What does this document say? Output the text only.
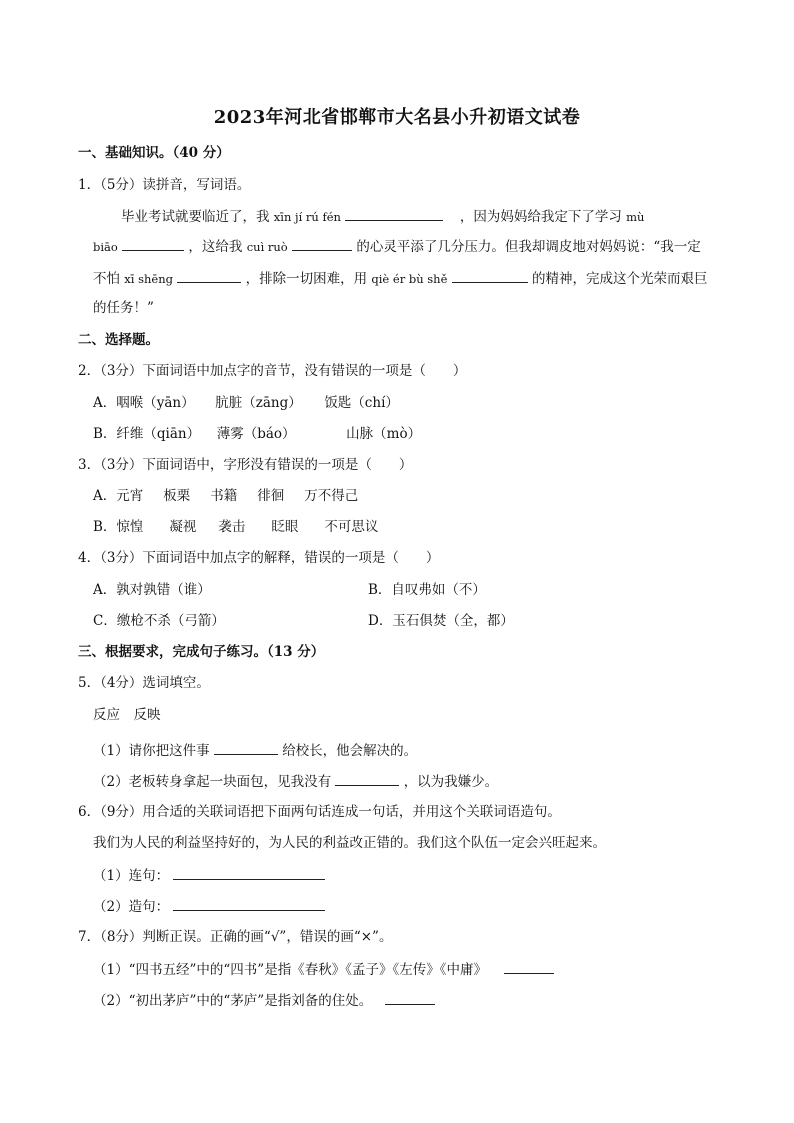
2023年河北省邯郸市大名县小升初语文试卷
一、基础知识。（40 分）
1．（5分）读拼音，写词语。
毕业考试就要临近了，我 xīn jí rú fén	，因为妈妈给我定下了学习 mù
biāo	，这给我 cuì ruò	的心灵平添了几分压力。但我却调皮地对妈妈说：“我一定
不怕 xī shēng	，排除一切困难，用 qiè ér bù shě	的精神，完成这个光荣而艰巨
的任务！”
二、选择题。
2．（3分）下面词语中加点字的音节，没有错误的一项是（　　）
A．咽喉（yān） 肮脏（zāng） 饭匙（chí）
B．纤维（qiān） 薄雾（báo）	山脉（mò）
3．（3分）下面词语中，字形没有错误的一项是（　　）
A．元宵 板栗 书籍 徘徊 万不得己
B．惊惶 凝视 袭击 眨眼 不可思议
4．（3分）下面词语中加点字的解释，错误的一项是（　　）
A．孰对孰错（谁）	B．自叹弗如（不）
C．缴枪不杀（弓箭）	D．玉石俱焚（全，都）
三、根据要求，完成句子练习。（13 分）
5．（4分）选词填空。
反应　反映
（1）请你把这件事	给校长，他会解决的。
（2）老板转身拿起一块面包，见我没有	，以为我嫌少。
6．（9分）用合适的关联词语把下面两句话连成一句话，并用这个关联词语造句。
我们为人民的利益坚持好的，为人民的利益改正错的。我们这个队伍一定会兴旺起来。
（1）连句：
（2）造句：
7．（8分）判断正误。正确的画“√”，错误的画“×”。
（1）“四书五经”中的“四书”是指《春秋》《孟子》《左传》《中庸》
（2）“初出茅庐”中的“茅庐”是指刘备的住处。
